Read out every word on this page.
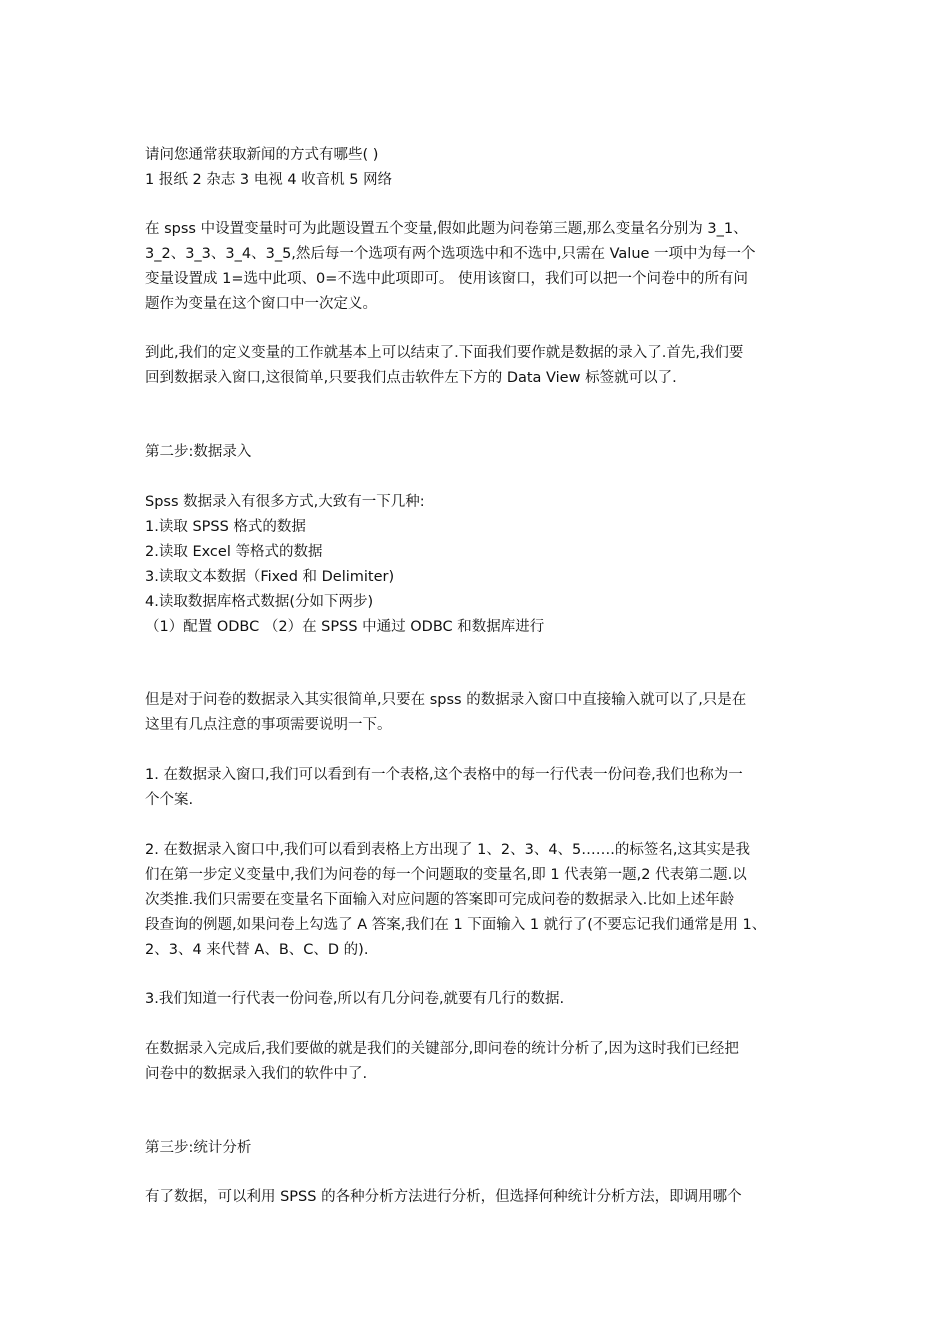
请问您通常获取新闻的方式有哪些( )

1 报纸 2 杂志 3 电视 4 收音机 5 网络

在 spss 中设置变量时可为此题设置五个变量,假如此题为问卷第三题,那么变量名分别为 3_1、

3_2、3_3、3_4、3_5,然后每一个选项有两个选项选中和不选中,只需在 Value 一项中为每一个

变量设置成 1=选中此项、0=不选中此项即可。 使用该窗口，我们可以把一个问卷中的所有问

题作为变量在这个窗口中一次定义。

到此,我们的定义变量的工作就基本上可以结束了.下面我们要作就是数据的录入了.首先,我们要

回到数据录入窗口,这很简单,只要我们点击软件左下方的 Data View 标签就可以了.

第二步:数据录入

Spss 数据录入有很多方式,大致有一下几种:

1.读取 SPSS 格式的数据

2.读取 Excel 等格式的数据

3.读取文本数据（Fixed 和 Delimiter)

4.读取数据库格式数据(分如下两步)

（1）配置 ODBC （2）在 SPSS 中通过 ODBC 和数据库进行

但是对于问卷的数据录入其实很简单,只要在 spss 的数据录入窗口中直接输入就可以了,只是在

这里有几点注意的事项需要说明一下。

1. 在数据录入窗口,我们可以看到有一个表格,这个表格中的每一行代表一份问卷,我们也称为一

个个案.

2. 在数据录入窗口中,我们可以看到表格上方出现了 1、2、3、4、5…….的标签名,这其实是我

们在第一步定义变量中,我们为问卷的每一个问题取的变量名,即 1 代表第一题,2 代表第二题.以

次类推.我们只需要在变量名下面输入对应问题的答案即可完成问卷的数据录入.比如上述年龄

段查询的例题,如果问卷上勾选了 A 答案,我们在 1 下面输入 1 就行了(不要忘记我们通常是用 1、

2、3、4 来代替 A、B、C、D 的).

3.我们知道一行代表一份问卷,所以有几分问卷,就要有几行的数据.

在数据录入完成后,我们要做的就是我们的关键部分,即问卷的统计分析了,因为这时我们已经把

问卷中的数据录入我们的软件中了.

第三步:统计分析

有了数据，可以利用 SPSS 的各种分析方法进行分析，但选择何种统计分析方法，即调用哪个
